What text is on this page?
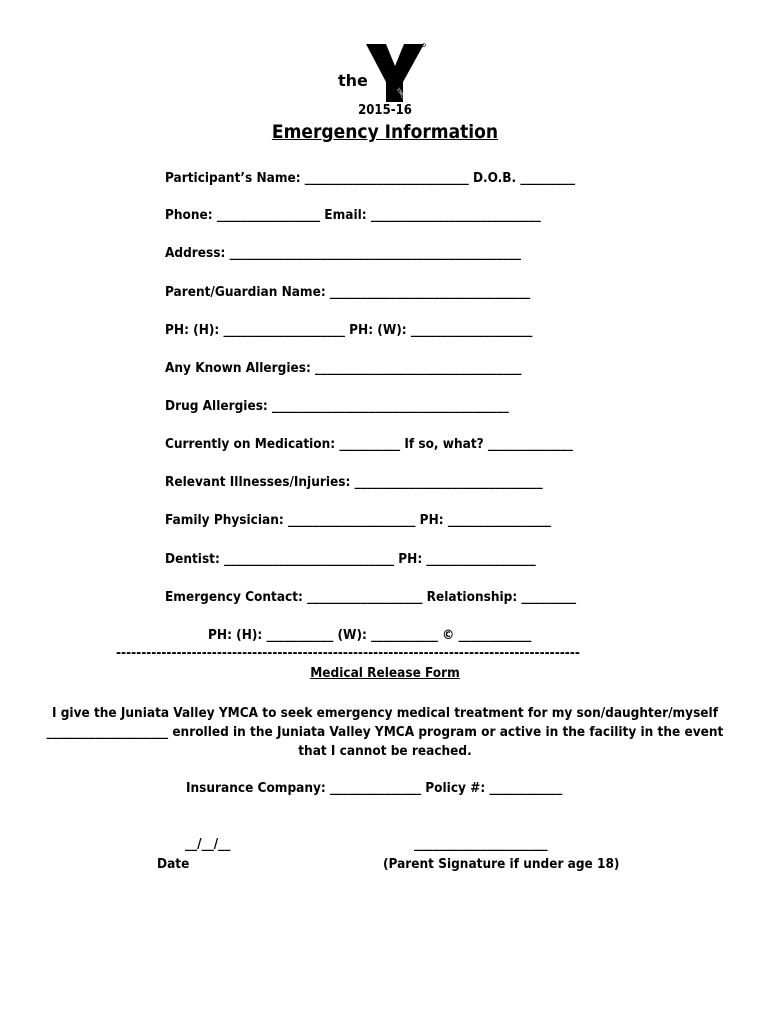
the
YMCA
2015-16
Emergency Information
Participant’s Name: ___________________________ D.O.B. _________
Phone: _________________ Email: ____________________________
Address: ________________________________________________
Parent/Guardian Name: _________________________________
PH: (H): ____________________ PH: (W): ____________________
Any Known Allergies: __________________________________
Drug Allergies: _______________________________________
Currently on Medication: __________ If so, what? ______________
Relevant Illnesses/Injuries: _______________________________
Family Physician: _____________________ PH: _________________
Dentist: ____________________________ PH: __________________
Emergency Contact: ___________________ Relationship: _________
PH: (H): ___________ (W): ___________ © ____________
--------------------------------------------------------------------------------------------
Medical Release Form
I give the Juniata Valley YMCA to seek emergency medical treatment for my son/daughter/myself ____________________ enrolled in the Juniata Valley YMCA program or active in the facility in the event that I cannot be reached.
Insurance Company: _______________ Policy #: ____________
__/__/__
Date
______________________
(Parent Signature if under age 18)
